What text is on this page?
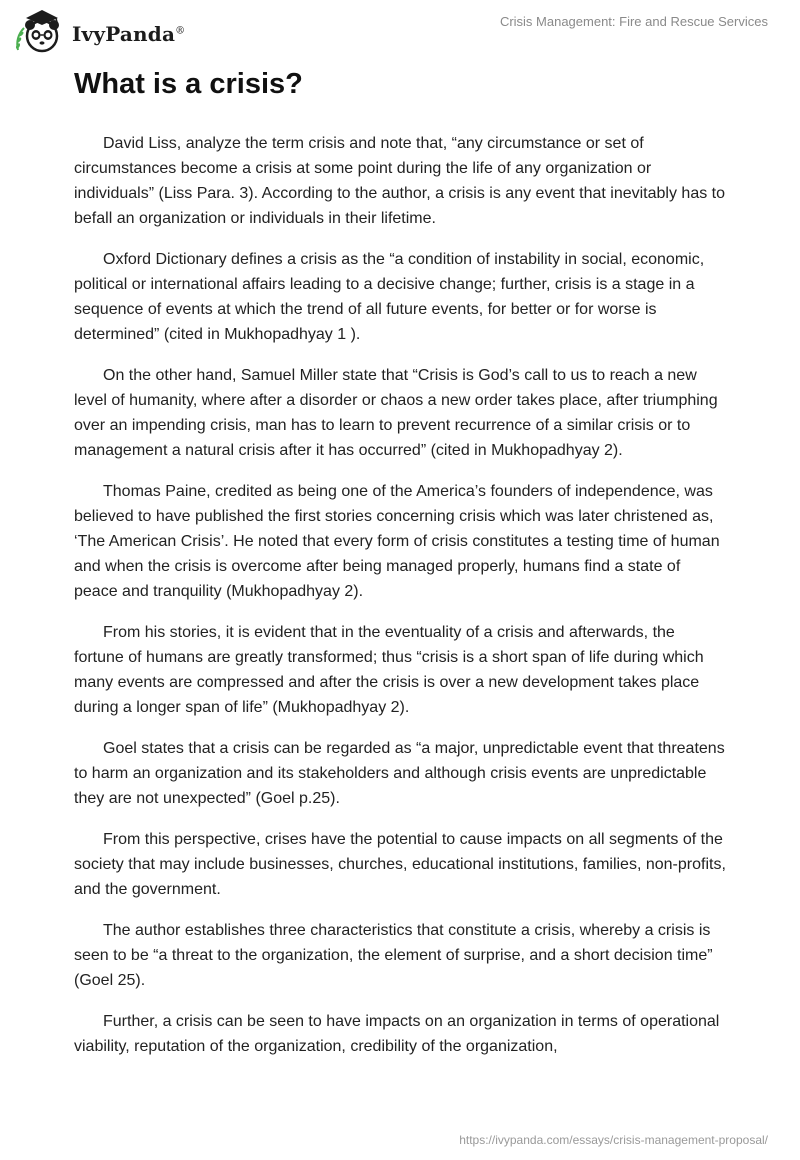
IvyPanda®
Crisis Management: Fire and Rescue Services
What is a crisis?

David Liss, analyze the term crisis and note that, “any circumstance or set of circumstances become a crisis at some point during the life of any organization or individuals” (Liss Para. 3). According to the author, a crisis is any event that inevitably has to befall an organization or individuals in their lifetime.

Oxford Dictionary defines a crisis as the “a condition of instability in social, economic, political or international affairs leading to a decisive change; further, crisis is a stage in a sequence of events at which the trend of all future events, for better or for worse is determined” (cited in Mukhopadhyay 1 ).

On the other hand, Samuel Miller state that “Crisis is God’s call to us to reach a new level of humanity, where after a disorder or chaos a new order takes place, after triumphing over an impending crisis, man has to learn to prevent recurrence of a similar crisis or to management a natural crisis after it has occurred” (cited in Mukhopadhyay 2).

Thomas Paine, credited as being one of the America’s founders of independence, was believed to have published the first stories concerning crisis which was later christened as, ‘The American Crisis’. He noted that every form of crisis constitutes a testing time of human and when the crisis is overcome after being managed properly, humans find a state of peace and tranquility (Mukhopadhyay 2).

From his stories, it is evident that in the eventuality of a crisis and afterwards, the fortune of humans are greatly transformed; thus “crisis is a short span of life during which many events are compressed and after the crisis is over a new development takes place during a longer span of life” (Mukhopadhyay 2).

Goel states that a crisis can be regarded as “a major, unpredictable event that threatens to harm an organization and its stakeholders and although crisis events are unpredictable they are not unexpected” (Goel p.25).

From this perspective, crises have the potential to cause impacts on all segments of the society that may include businesses, churches, educational institutions, families, non-profits, and the government.

The author establishes three characteristics that constitute a crisis, whereby a crisis is seen to be “a threat to the organization, the element of surprise, and a short decision time” (Goel 25).

Further, a crisis can be seen to have impacts on an organization in terms of operational viability, reputation of the organization, credibility of the organization,

https://ivypanda.com/essays/crisis-management-proposal/
